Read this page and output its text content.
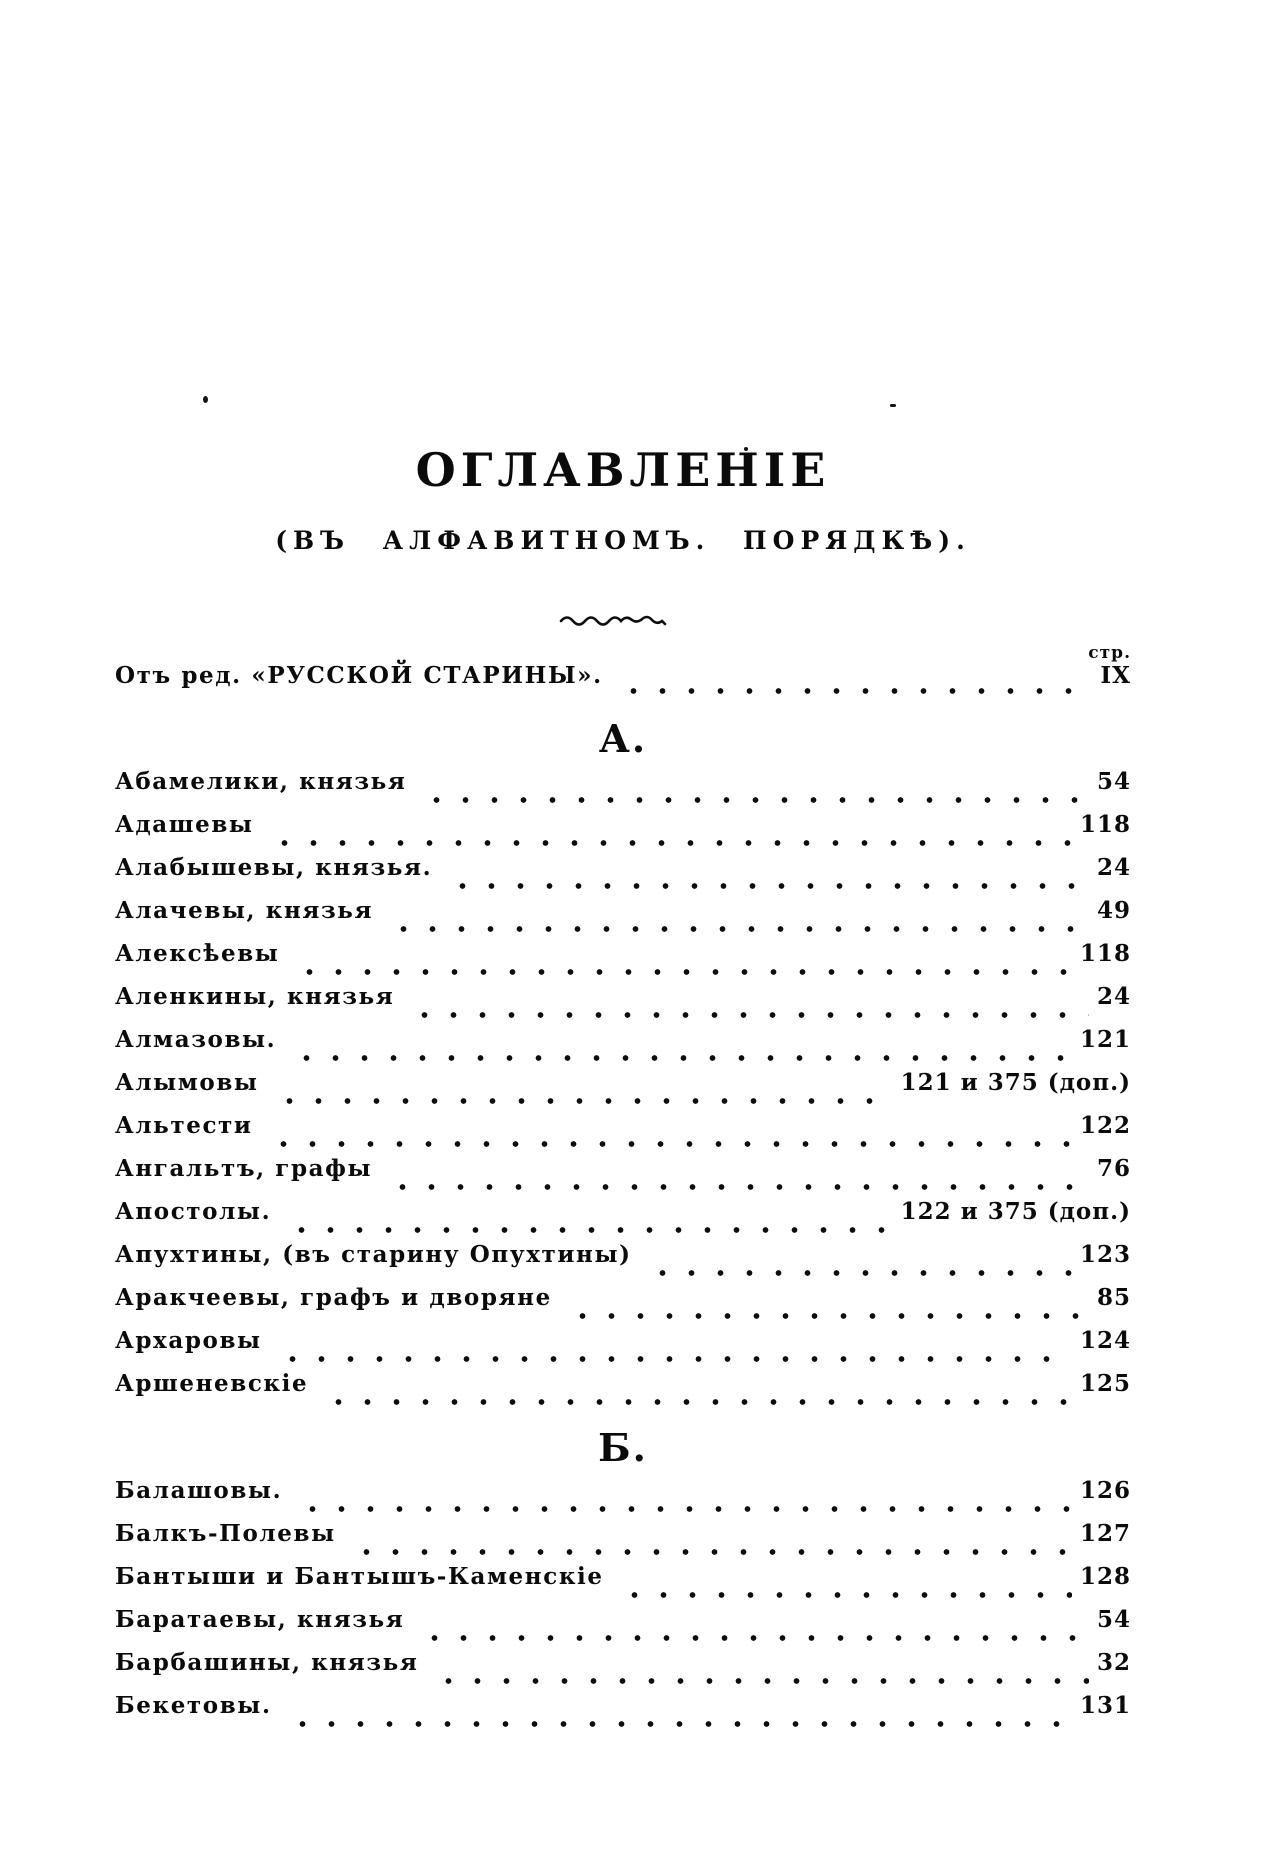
ОГЛАВЛЕНІЕ
(ВЪ АЛФАВИТНОМЪ. ПОРЯДКѢ).
стр.
Отъ ред. «РУССКОЙ СТАРИНЫ».	IX
А.
Абамелики, князья	54
Адашевы	118
Алабышевы, князья.	24
Алачевы, князья	49
Алексѣевы	118
Аленкины, князья	24
Алмазовы.	121
Алымовы	121 и 375 (доп.)
Альтести	122
Ангальтъ, графы	76
Апостолы.	122 и 375 (доп.)
Апухтины, (въ старину Опухтины)	123
Аракчеевы, графъ и дворяне	85
Архаровы	124
Аршеневскіе	125
Б.
Балашовы.	126
Балкъ-Полевы	127
Бантыши и Бантышъ-Каменскіе	128
Баратаевы, князья	54
Барбашины, князья	32
Бекетовы.	131
